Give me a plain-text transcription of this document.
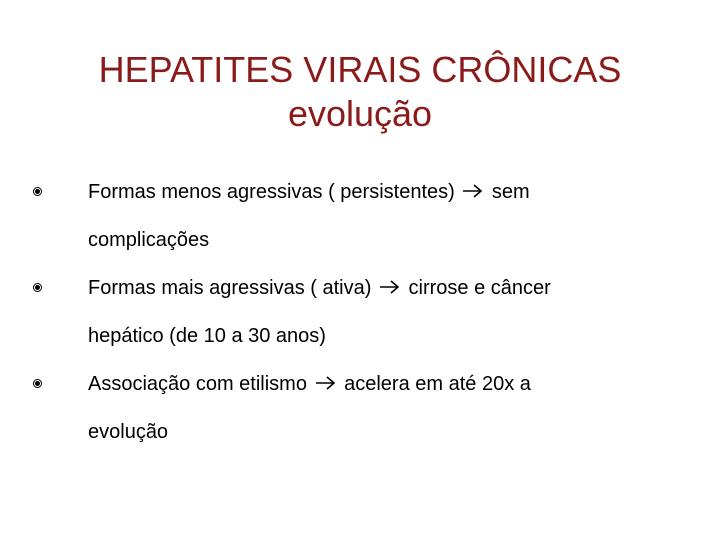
HEPATITES VIRAIS CRÔNICAS
evolução
Formas menos agressivas ( persistentes) sem
complicações
Formas mais agressivas ( ativa) cirrose e câncer
hepático (de 10 a 30 anos)
Associação com etilismo acelera em até 20x a
evolução
